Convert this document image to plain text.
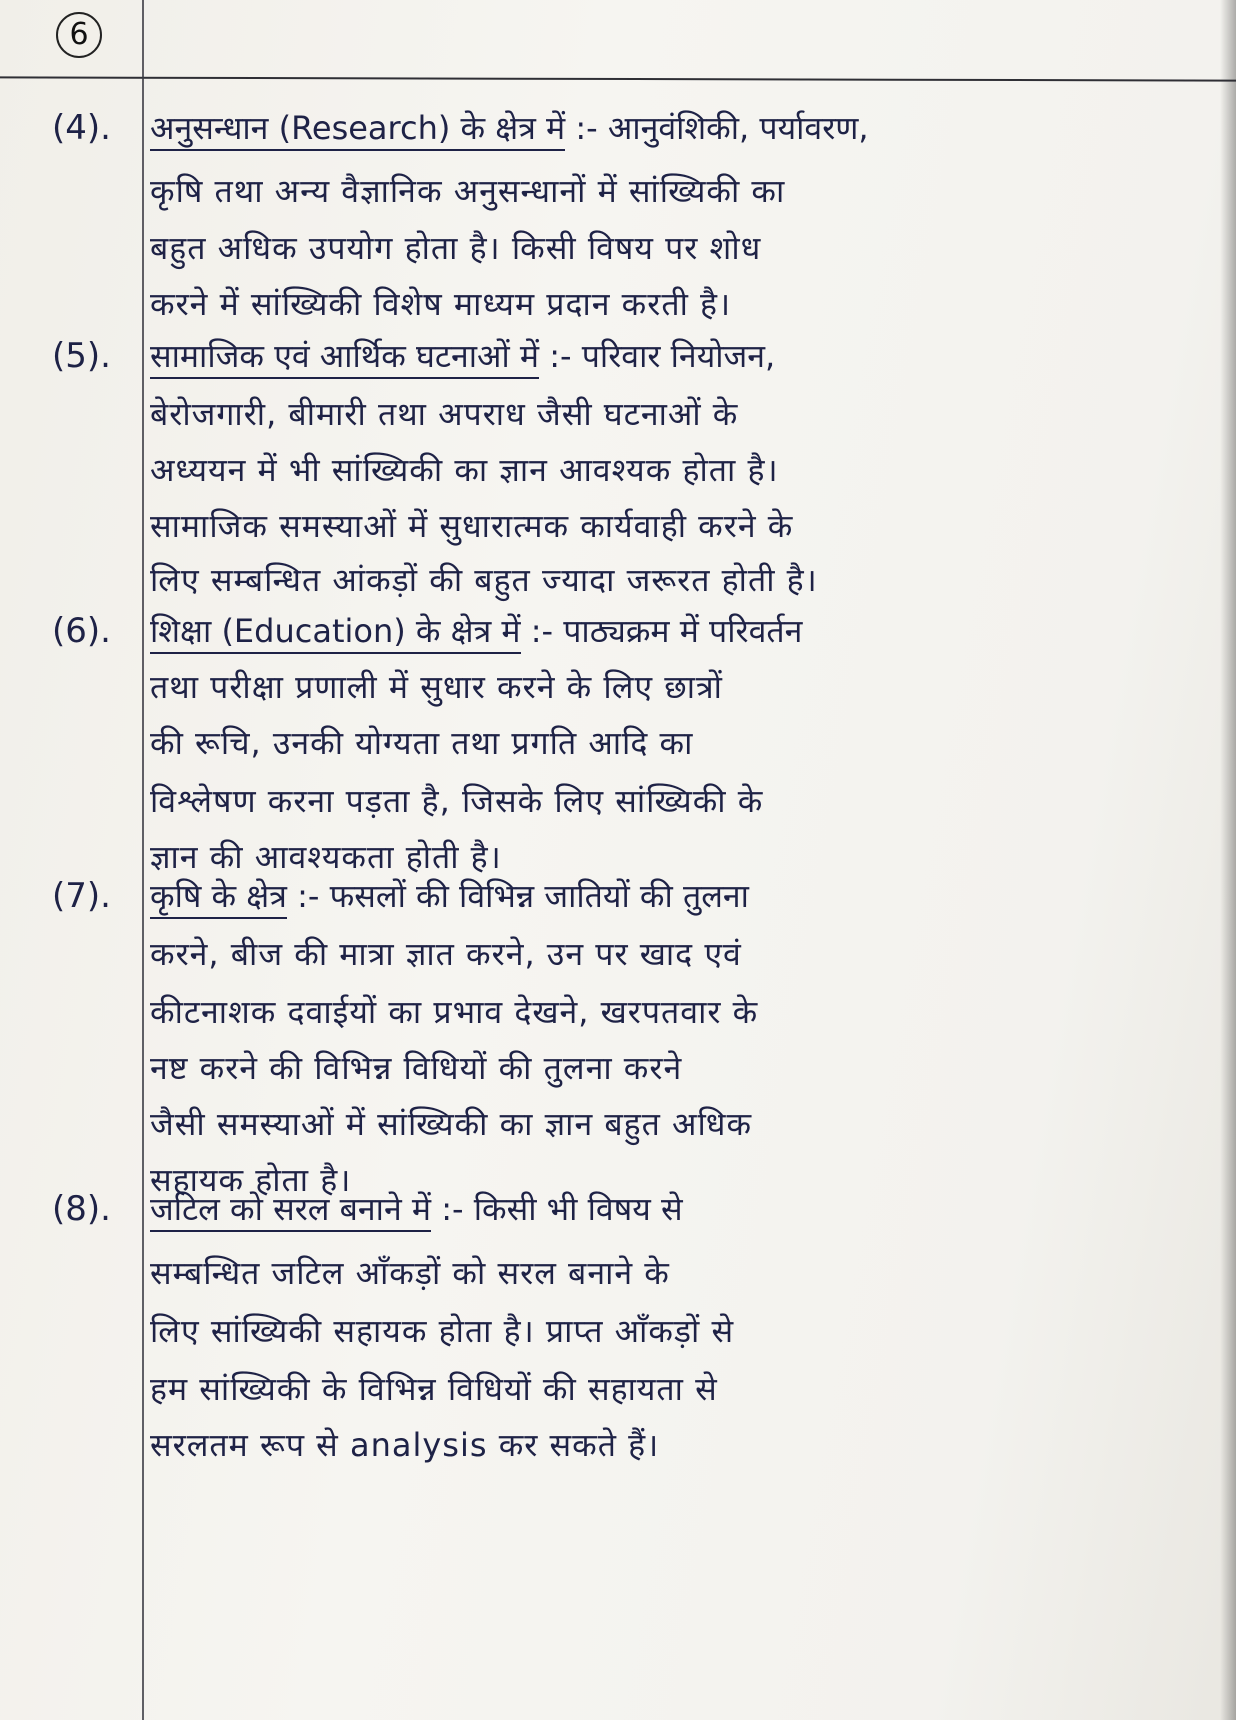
6
(4). अनुसन्धान (Research) के क्षेत्र में :- आनुवंशिकी, पर्यावरण,
कृषि तथा अन्य वैज्ञानिक अनुसन्धानों में सांख्यिकी का
बहुत अधिक उपयोग होता है। किसी विषय पर शोध
करने में सांख्यिकी विशेष माध्यम प्रदान करती है।
(5). सामाजिक एवं आर्थिक घटनाओं में :- परिवार नियोजन,
बेरोजगारी, बीमारी तथा अपराध जैसी घटनाओं के
अध्ययन में भी सांख्यिकी का ज्ञान आवश्यक होता है।
सामाजिक समस्याओं में सुधारात्मक कार्यवाही करने के
लिए सम्बन्धित आंकड़ों की बहुत ज्यादा जरूरत होती है।
(6). शिक्षा (Education) के क्षेत्र में :- पाठ्यक्रम में परिवर्तन
तथा परीक्षा प्रणाली में सुधार करने के लिए छात्रों
की रूचि, उनकी योग्यता तथा प्रगति आदि का
विश्लेषण करना पड़ता है, जिसके लिए सांख्यिकी के
ज्ञान की आवश्यकता होती है।
(7). कृषि के क्षेत्र :- फसलों की विभिन्न जातियों की तुलना
करने, बीज की मात्रा ज्ञात करने, उन पर खाद एवं
कीटनाशक दवाईयों का प्रभाव देखने, खरपतवार के
नष्ट करने की विभिन्न विधियों की तुलना करने
जैसी समस्याओं में सांख्यिकी का ज्ञान बहुत अधिक
सहायक होता है।
(8). जटिल को सरल बनाने में :- किसी भी विषय से
सम्बन्धित जटिल आँकड़ों को सरल बनाने के
लिए सांख्यिकी सहायक होता है। प्राप्त आँकड़ों से
हम सांख्यिकी के विभिन्न विधियों की सहायता से
सरलतम रूप से analysis कर सकते हैं।
